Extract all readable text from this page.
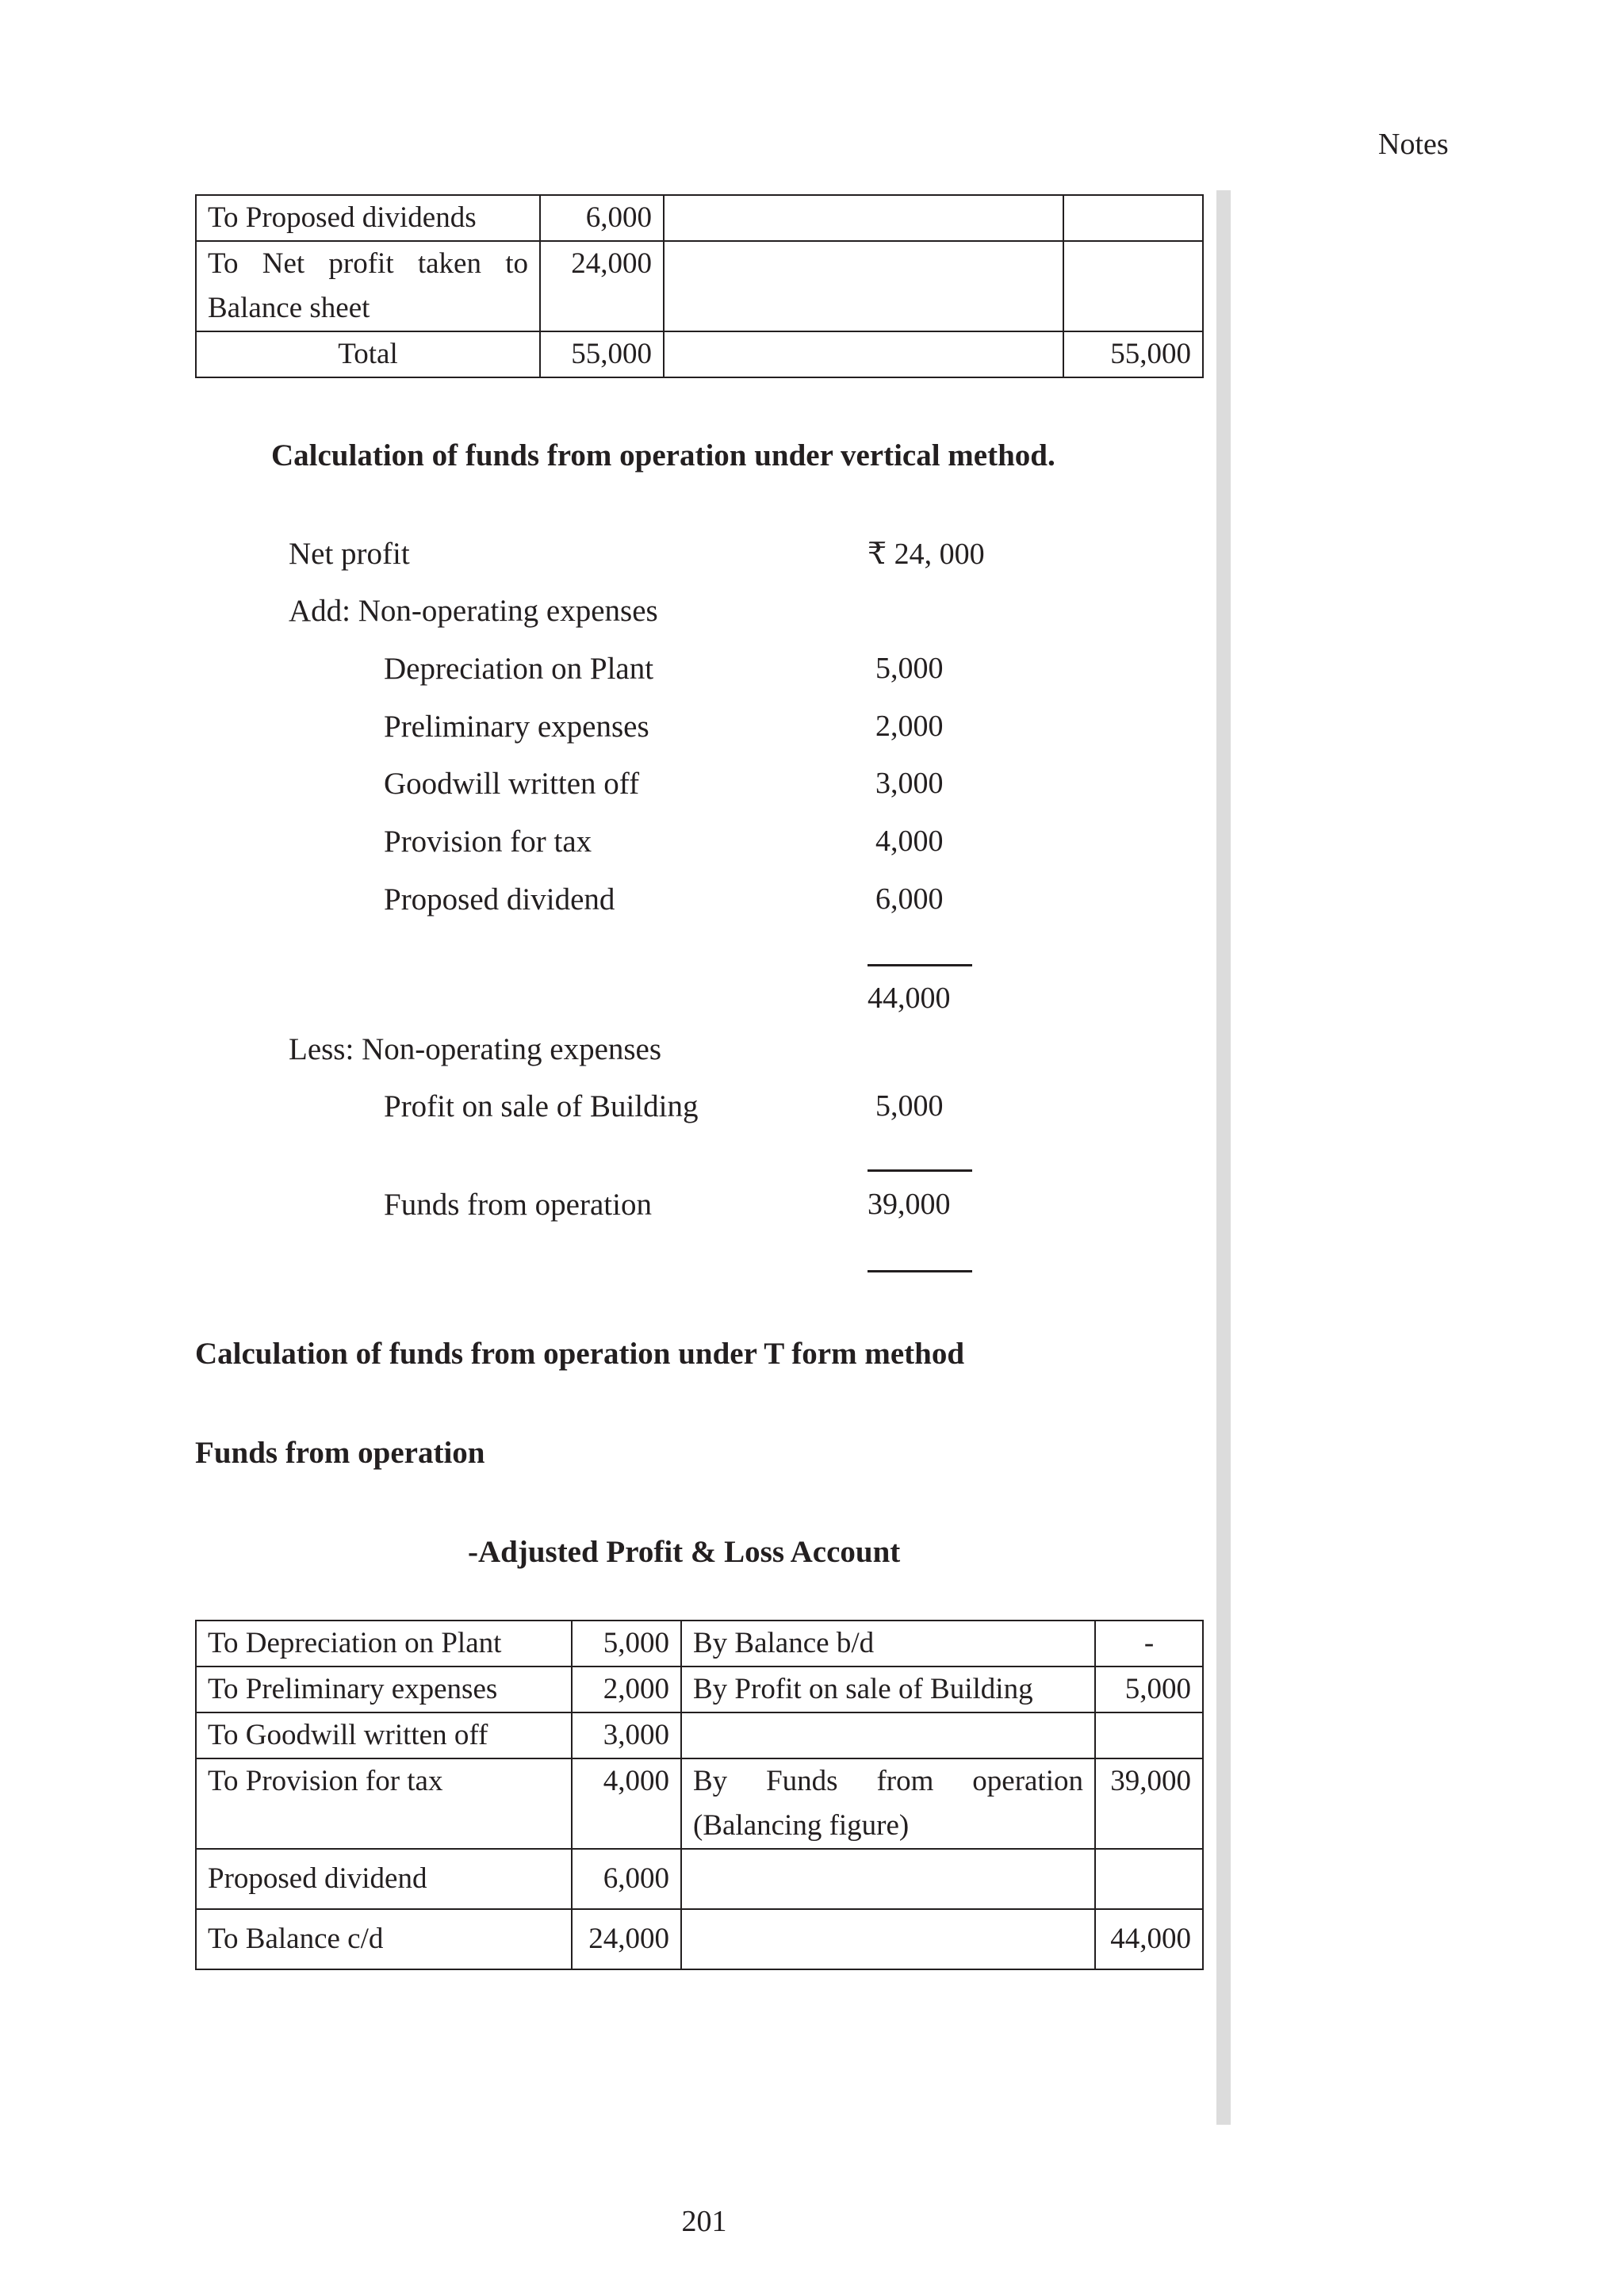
Notes
To Proposed dividends	6,000		
To Net profit taken to Balance sheet	24,000		
Total	55,000		55,000
Calculation of funds from operation under vertical method.
Net profit	₹ 24, 000
Add: Non-operating expenses
Depreciation on Plant	5,000
Preliminary expenses	2,000
Goodwill written off	3,000
Provision for tax	4,000
Proposed dividend	6,000
44,000
Less: Non-operating expenses
Profit on sale of Building	5,000
Funds from operation	39,000
Calculation of funds from operation under T form method
Funds from operation
-Adjusted Profit & Loss Account
To Depreciation on Plant	5,000	By Balance b/d	-
To Preliminary expenses	2,000	By Profit on sale of Building	5,000
To Goodwill written off	3,000		
To Provision for tax	4,000	By Funds from operation (Balancing figure)	39,000
Proposed dividend	6,000		
To Balance c/d	24,000		44,000
201
